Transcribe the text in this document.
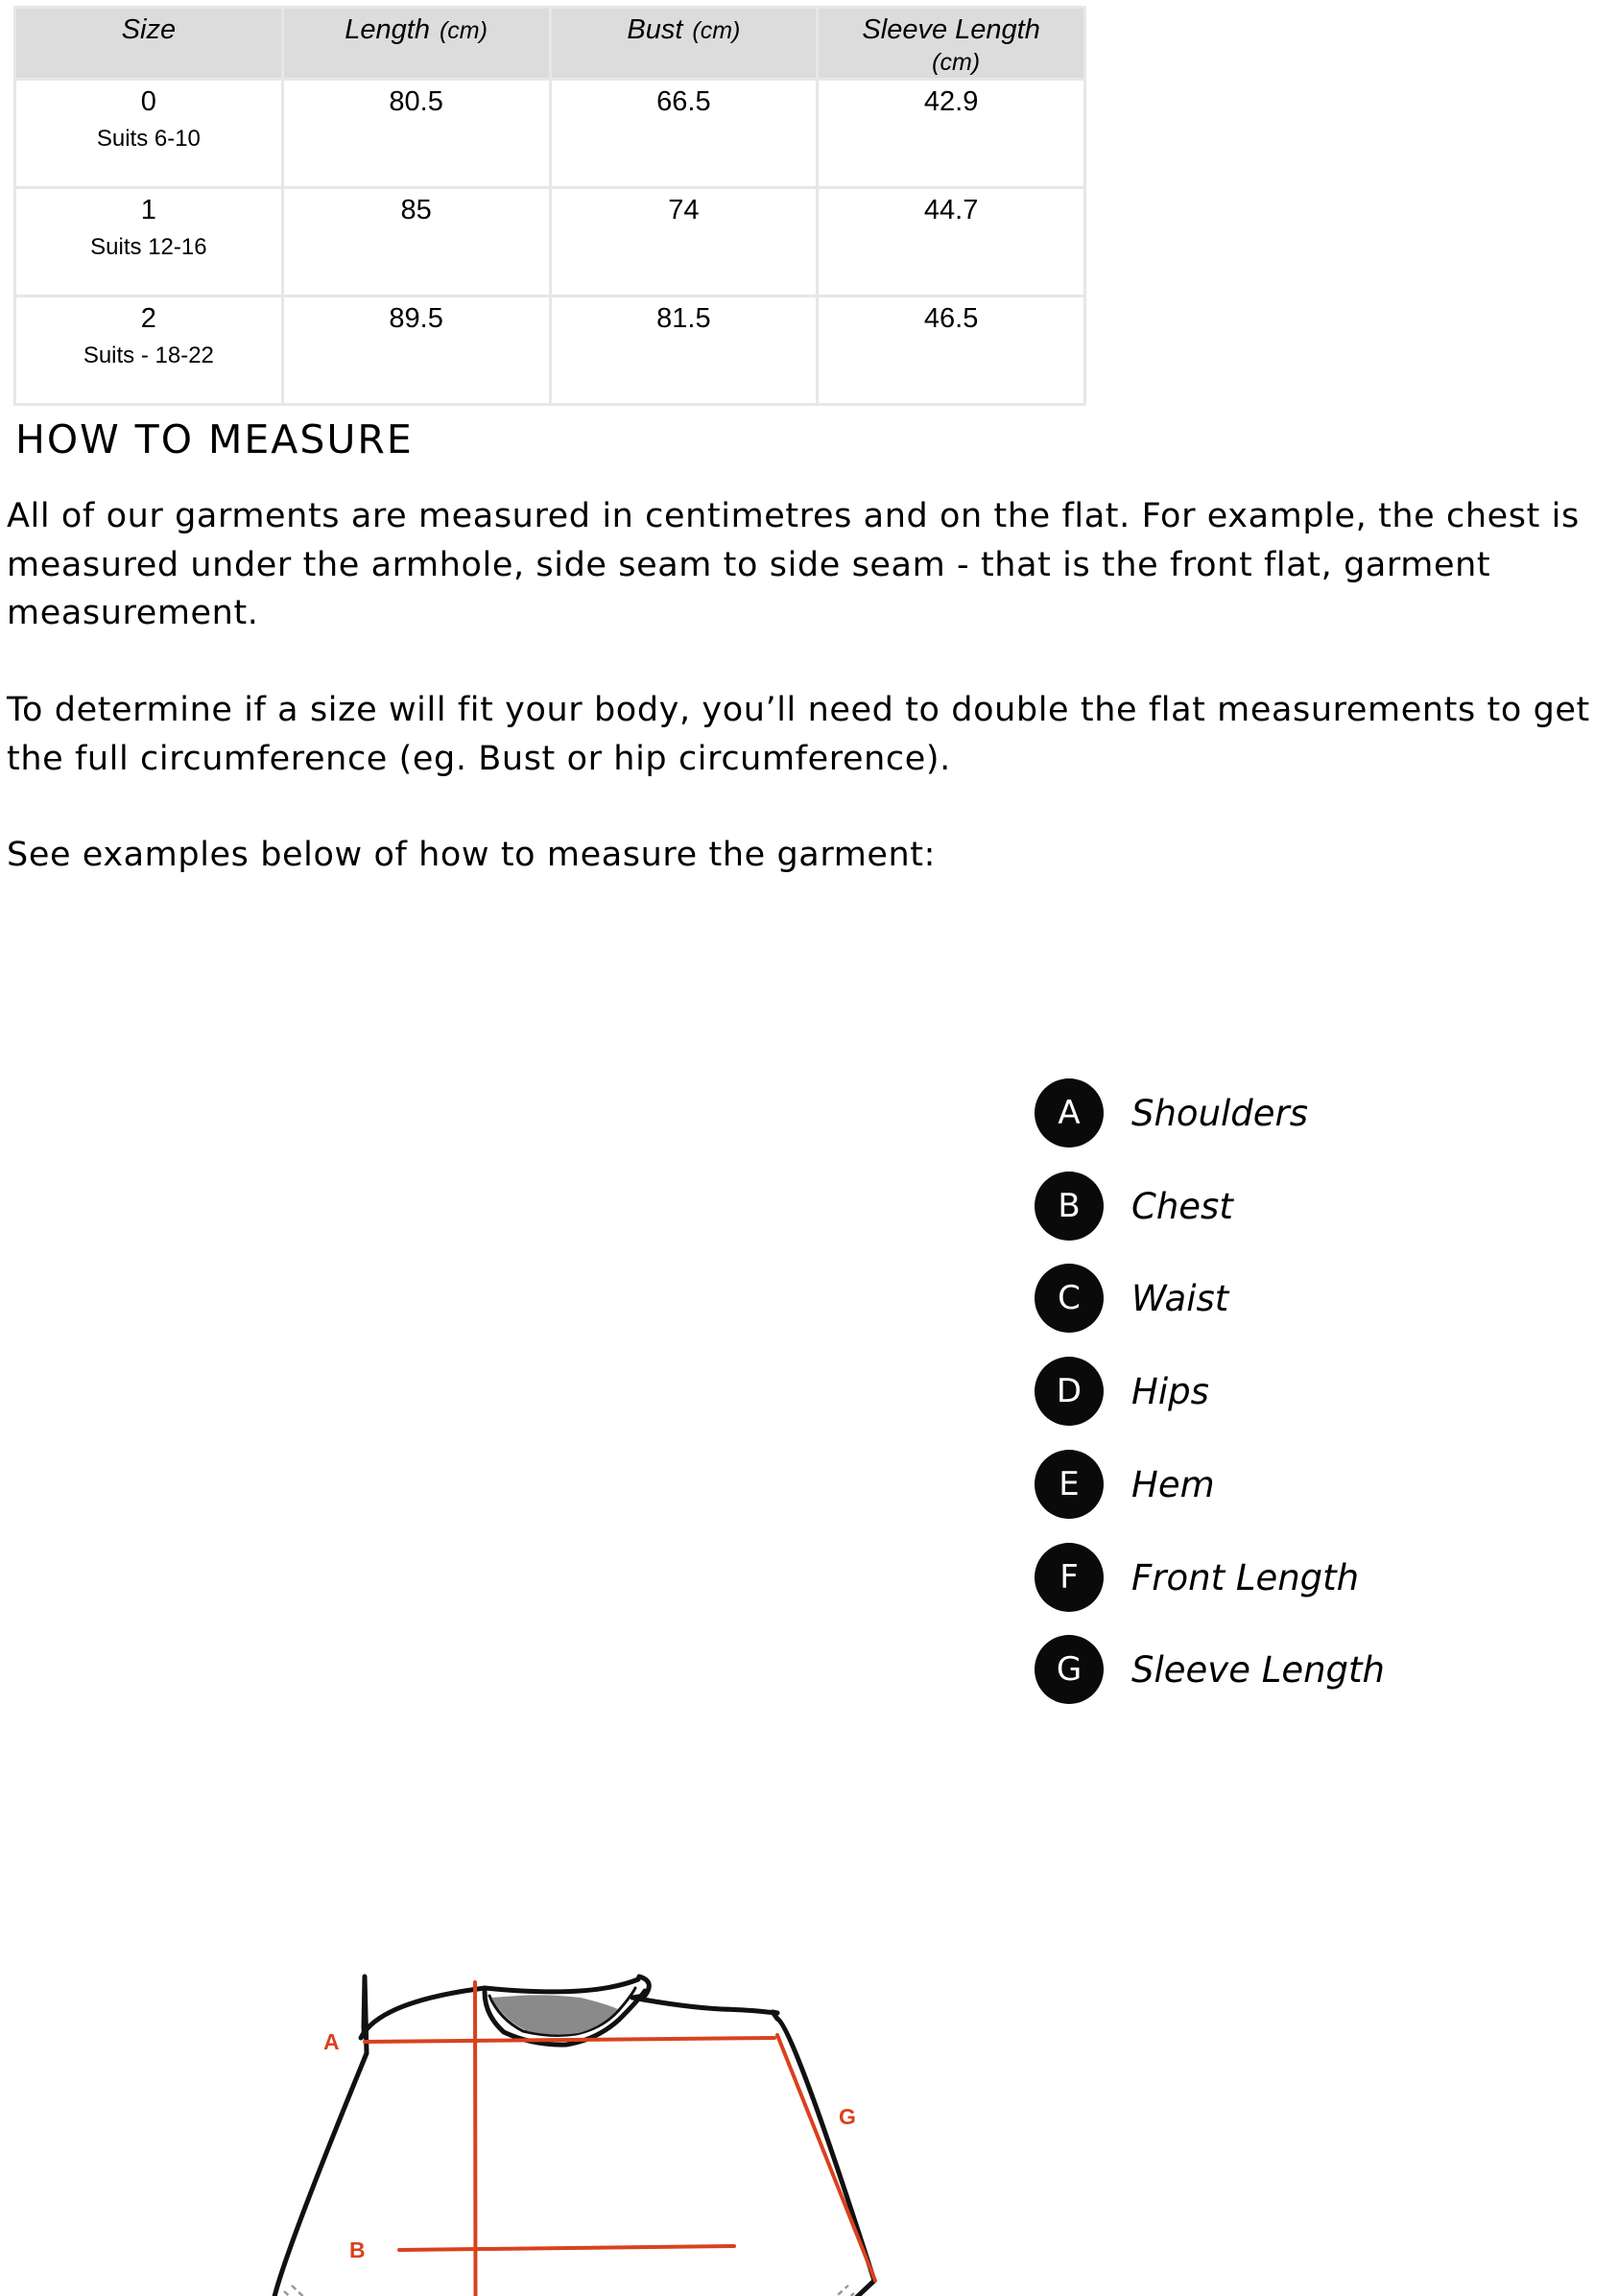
Size	Length (cm)	Bust (cm)	Sleeve Length
(cm)

0
Suits 6-10	80.5	66.5	42.9

1
Suits 12-16	85	74	44.7

2
Suits - 18-22	89.5	81.5	46.5
HOW TO MEASURE

All of our garments are measured in centimetres and on the flat. For example, the chest is measured under the armhole, side seam to side seam - that is the front flat, garment measurement.

To determine if a size will fit your body, you’ll need to double the flat measurements to get the full circumference (eg. Bust or hip circumference).

See examples below of how to measure the garment:

A
G
B
A	Shoulders
B	Chest
C	Waist
D	Hips
E	Hem
F	Front Length
G	Sleeve Length
